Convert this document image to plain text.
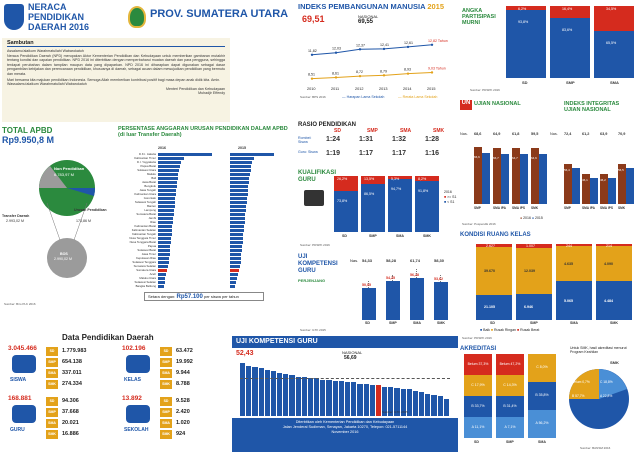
NERACA
PENDIDIKAN
DAERAH 2016
PROV. SUMATERA UTARA
Sambutan
Assalamu'alaikum Warahmatullahi Wabarokatuh
Neraca Pendidikan Daerah (NPD) merupakan Aktor Kementerian Pendidikan dan Kebudayaan untuk memberikan gambaran mutakhir tentang kondisi dan capaian pendidikan. NPD 2016 ini diterbitkan dengan memperbaharui muatan daerah dan para pengguna, sehingga terdapat perubahan dalam tampilan maupun data yang dipaparkan. NPD 2016 ini diharapkan dapat digunakan sebagai dasar pengambilan kebijakan dan perencanaan pendidikan, khususnya di daerah, sebagai acuan dalam mewujudkan pendidikan yang bermutu dan merata.
Mari bersama kita majukan pendidikan Indonesia. Semoga Allah memberikan kontribusi positif bagi masa depan anak didik kita. Amin.
Wassalamu'alaikum Warahmatullahi Wabarokatuh
Menteri Pendidikan dan Kebudayaan
Muhadjir Effendy
TOTAL APBD
Rp9.950,8 M
Non Pendidikan
6.783,97 M
Transfer Daerah
2.993,02 M
Urusan Pendidikan
173,86 M
BOS
2.990,02 M
PERSENTASE ANGGARAN URUSAN PENDIDIKAN DALAM APBD
(di luar Transfer Daerah)
2016	2015
D.K.I. Jakarta
Kalimantan Timur
D.I. Yogyakarta
Papua Barat
Sulawesi Utara
Maluku
Bali
Jawa Barat
Bengkulu
Jawa Tengah
Kalimantan Utara
Gorontalo
Sulawesi Tengah
Banten
Lampung
Sumatera Barat
Jambi
Riau
Kalimantan Barat
Kalimantan Selatan
Kalimantan Tengah
Nusa Tenggara Timur
Nusa Tenggara Barat
Papua
Sulawesi Barat
Jawa Timur
Kepulauan Riau
Sulawesi Tenggara
Sumatera Selatan
Sumatera Utara
Aceh
Maluku Utara
Sulawesi Selatan
Bangka Belitung
Setara dengan: Rp57.100 per siswa per tahun
Sumber: Biro PLK 2016
Data Pendidikan Daerah
3.045.466
SISWA
SD	1.779.983
SMP	654.138
SMA	337.011
SMK	274.334
168.881
GURU
SD	94.306
SMP	37.668
SMA	20.021
SMK	16.886
102.196
KELAS
SD	63.472
SMP	19.992
SMA	9.944
SMK	8.788
13.892
SEKOLAH
SD	9.528
SMP	2.420
SMA	1.020
SMK	924
INDEKS PEMBANGUNAN MANUSIA 2015
69,51	NASIONAL
69,55
11,82
8,51
2010
12,03
8,61
2011
12,37
8,72
2012
12,41
8,79
2013
12,61
8,93
2014
12,82 Tahun
9,03 Tahun
2015
— Harapan Lama Sekolah	— Rerata Lama Sekolah
Sumber: BPS 2016
ANGKA
PARTISIPASI
MURNI
6,2%
93,8%
SD
16,4%
83,6%
SMP
34,5%
65,5%
SMA
Sumber: PDSPK 2016
RASIO PENDIDIKAN
Rombel: Siswa
Guru: Siswa
SD
1:24
1:19
SMP
1:31
1:17
SMA
1:32
1:17
SMK
1:28
1:16
KUALIFIKASI
GURU	26,2%
73,8%
SD
13,5%
86,5%
SMP
5,3%
94,7%
SMA
8,2%
91,8%
SMK
2016
■ >= S1
■ < S1
Sumber: PDSPK 2016
UJI
KOMPETENSI
GURU
PERJENJANG
Nas. 54,33
50,05
SD
58,28
54,25
SMP
61,74
56,28
SMA
58,30
53,62
SMK
Sumber: GTK 2015
UN UJIAN NASIONAL	INDEKS INTEGRITAS UJIAN NASIONAL
Nas.	Nas.
68,6
66,6
SMP
72,4
56,4
SMP
64,9
66,7
SMA IPA
61,2
46,1
SMA IPA
61,8
64,7
SMA IPS
63,9
46,2
SMA IPS
59,5
64,6
SMK
70,9
56,5
SMK
● 2016 ● 2015
Sumber: Puspendik 2016
KONDISI RUANG KELAS
2.627
39.670
21.105
SD
1.007
12.039
6.946
SMP
244
4.635
5.065
SMA
214
4.090
4.484
SMK
■ Baik ■ Rusak Ringan ■ Rusak Berat
Sumber: PDSPK 2016
UJI KOMPETENSI GURU
52,43	NASIONAL
56,69
Sumber: GTK 2015
Diterbitkan oleh Kementerian Pendidikan dan Kebudayaan
Jalan Jenderal Sudirman, Senayan, Jakarta 10270, Telepon: 021-5711144
November 2016
AKREDITASI	Untuk SMK, hasil akreditasi menurut Program Keahlian
Belum 37,3%
C 17,9%
B 33,7%
A 11,1%
SD
Belum 47,2%
C 14,3%
B 31,4%
A 7,1%
SMP
C 8,0%
B 35,8%
A 56,2%
SMA
SMK
Belum 0,7%	C 18,8%
B 57,7%	A 22,8%
Sumber: BANSM 2016
